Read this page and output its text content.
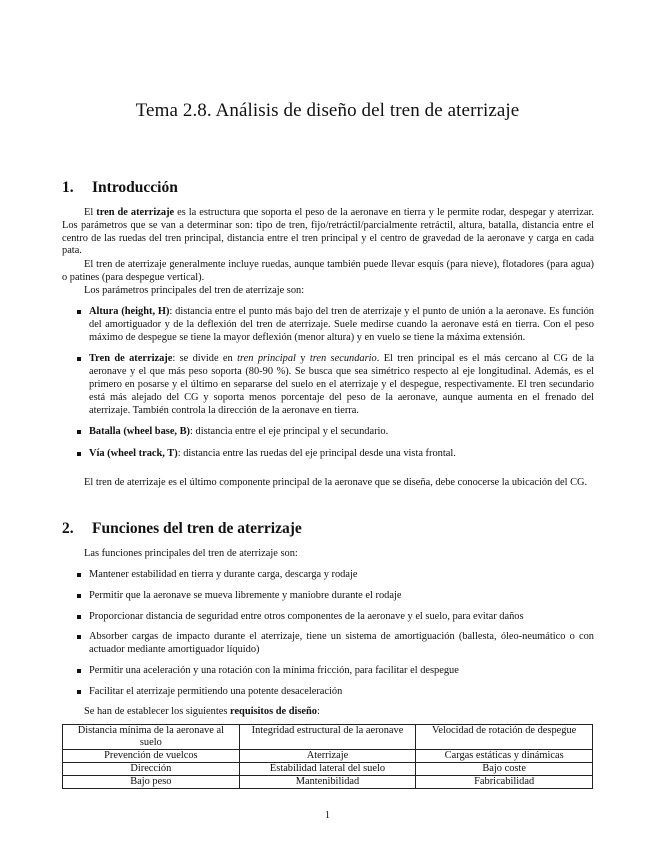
Tema 2.8. Análisis de diseño del tren de aterrizaje
1. Introducción
El tren de aterrizaje es la estructura que soporta el peso de la aeronave en tierra y le permite rodar, despegar y aterrizar. Los parámetros que se van a determinar son: tipo de tren, fijo/retráctil/parcialmente retráctil, altura, batalla, distancia entre el centro de las ruedas del tren principal, distancia entre el tren principal y el centro de gravedad de la aeronave y carga en cada pata.
El tren de aterrizaje generalmente incluye ruedas, aunque también puede llevar esquís (para nieve), flotadores (para agua) o patines (para despegue vertical).
Los parámetros principales del tren de aterrizaje son:
Altura (height, H): distancia entre el punto más bajo del tren de aterrizaje y el punto de unión a la aeronave. Es función del amortiguador y de la deflexión del tren de aterrizaje. Suele medirse cuando la aeronave está en tierra. Con el peso máximo de despegue se tiene la mayor deflexión (menor altura) y en vuelo se tiene la máxima extensión.
Tren de aterrizaje: se divide en tren principal y tren secundario. El tren principal es el más cercano al CG de la aeronave y el que más peso soporta (80-90 %). Se busca que sea simétrico respecto al eje longitudinal. Además, es el primero en posarse y el último en separarse del suelo en el aterrizaje y el despegue, respectivamente. El tren secundario está más alejado del CG y soporta menos porcentaje del peso de la aeronave, aunque aumenta en el frenado del aterrizaje. También controla la dirección de la aeronave en tierra.
Batalla (wheel base, B): distancia entre el eje principal y el secundario.
Vía (wheel track, T): distancia entre las ruedas del eje principal desde una vista frontal.
El tren de aterrizaje es el último componente principal de la aeronave que se diseña, debe conocerse la ubicación del CG.
2. Funciones del tren de aterrizaje
Las funciones principales del tren de aterrizaje son:
Mantener estabilidad en tierra y durante carga, descarga y rodaje
Permitir que la aeronave se mueva libremente y maniobre durante el rodaje
Proporcionar distancia de seguridad entre otros componentes de la aeronave y el suelo, para evitar daños
Absorber cargas de impacto durante el aterrizaje, tiene un sistema de amortiguación (ballesta, óleo-neumático o con actuador mediante amortiguador líquido)
Permitir una aceleración y una rotación con la mínima fricción, para facilitar el despegue
Facilitar el aterrizaje permitiendo una potente desaceleración
Se han de establecer los siguientes requisitos de diseño:
Distancia mínima de la aeronave al suelo	Integridad estructural de la aeronave	Velocidad de rotación de despegue
Prevención de vuelcos	Aterrizaje	Cargas estáticas y dinámicas
Dirección	Estabilidad lateral del suelo	Bajo coste
Bajo peso	Mantenibilidad	Fabricabilidad
1
